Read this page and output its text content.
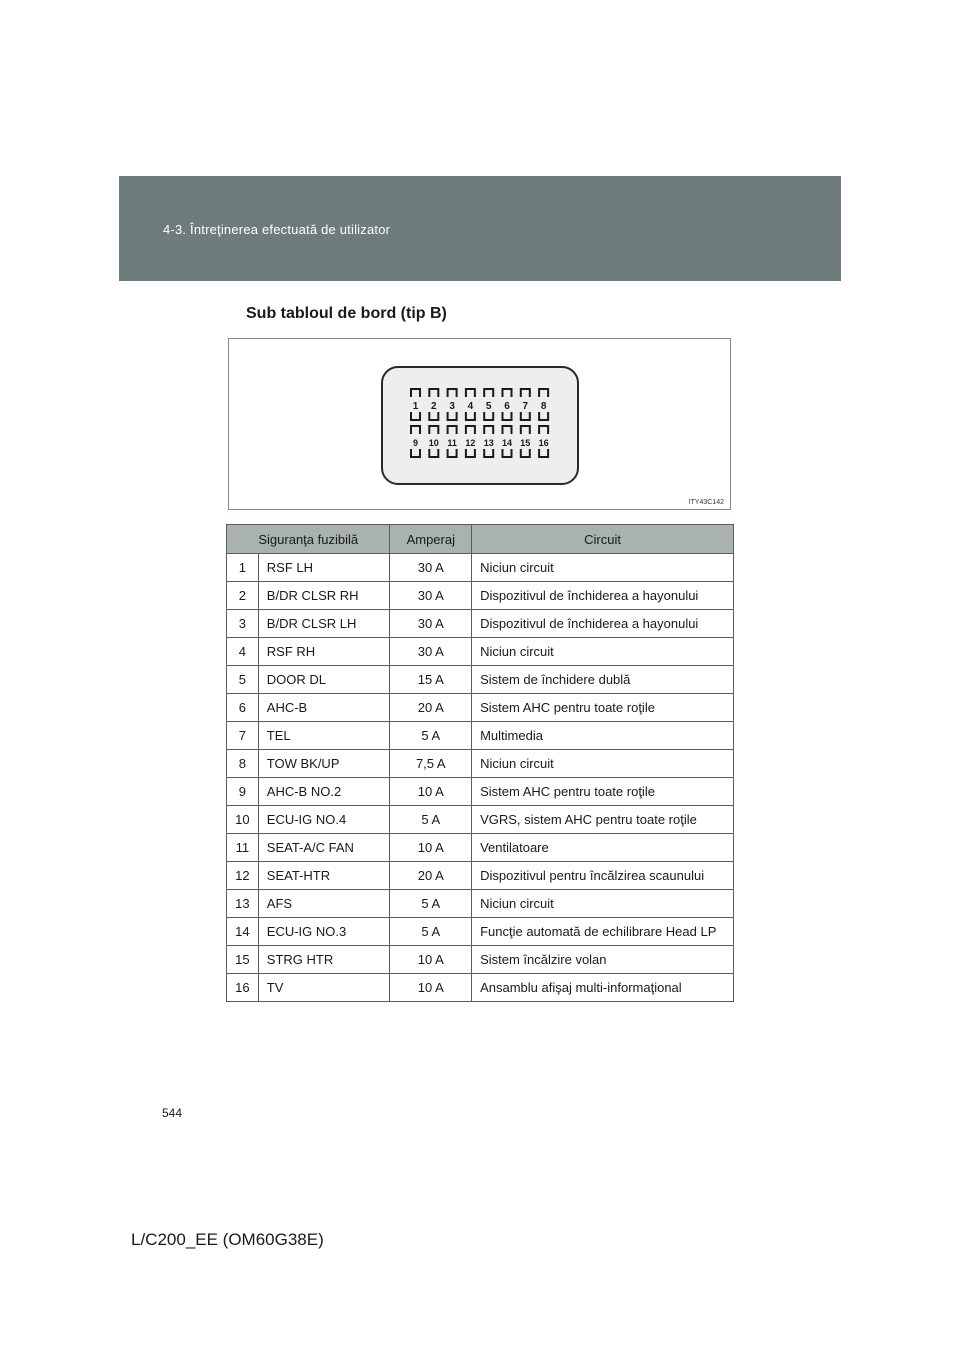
4-3. Întreţinerea efectuată de utilizator
Sub tabloul de bord (tip B)
1 2 3 4 5 6 7 8
9 10 11 12 13 14 15 16
ITY43C142
Siguranţa fuzibilă		Amperaj	Circuit
1	RSF LH	30 A	Niciun circuit
2	B/DR CLSR RH	30 A	Dispozitivul de închiderea a hayonului
3	B/DR CLSR LH	30 A	Dispozitivul de închiderea a hayonului
4	RSF RH	30 A	Niciun circuit
5	DOOR DL	15 A	Sistem de închidere dublă
6	AHC-B	20 A	Sistem AHC pentru toate roţile
7	TEL	5 A	Multimedia
8	TOW BK/UP	7,5 A	Niciun circuit
9	AHC-B NO.2	10 A	Sistem AHC pentru toate roţile
10	ECU-IG NO.4	5 A	VGRS, sistem AHC pentru toate roţile
11	SEAT-A/C FAN	10 A	Ventilatoare
12	SEAT-HTR	20 A	Dispozitivul pentru încălzirea scaunului
13	AFS	5 A	Niciun circuit
14	ECU-IG NO.3	5 A	Funcţie automată de echilibrare Head LP
15	STRG HTR	10 A	Sistem încălzire volan
16	TV	10 A	Ansamblu afişaj multi-informaţional
544
L/C200_EE (OM60G38E)
